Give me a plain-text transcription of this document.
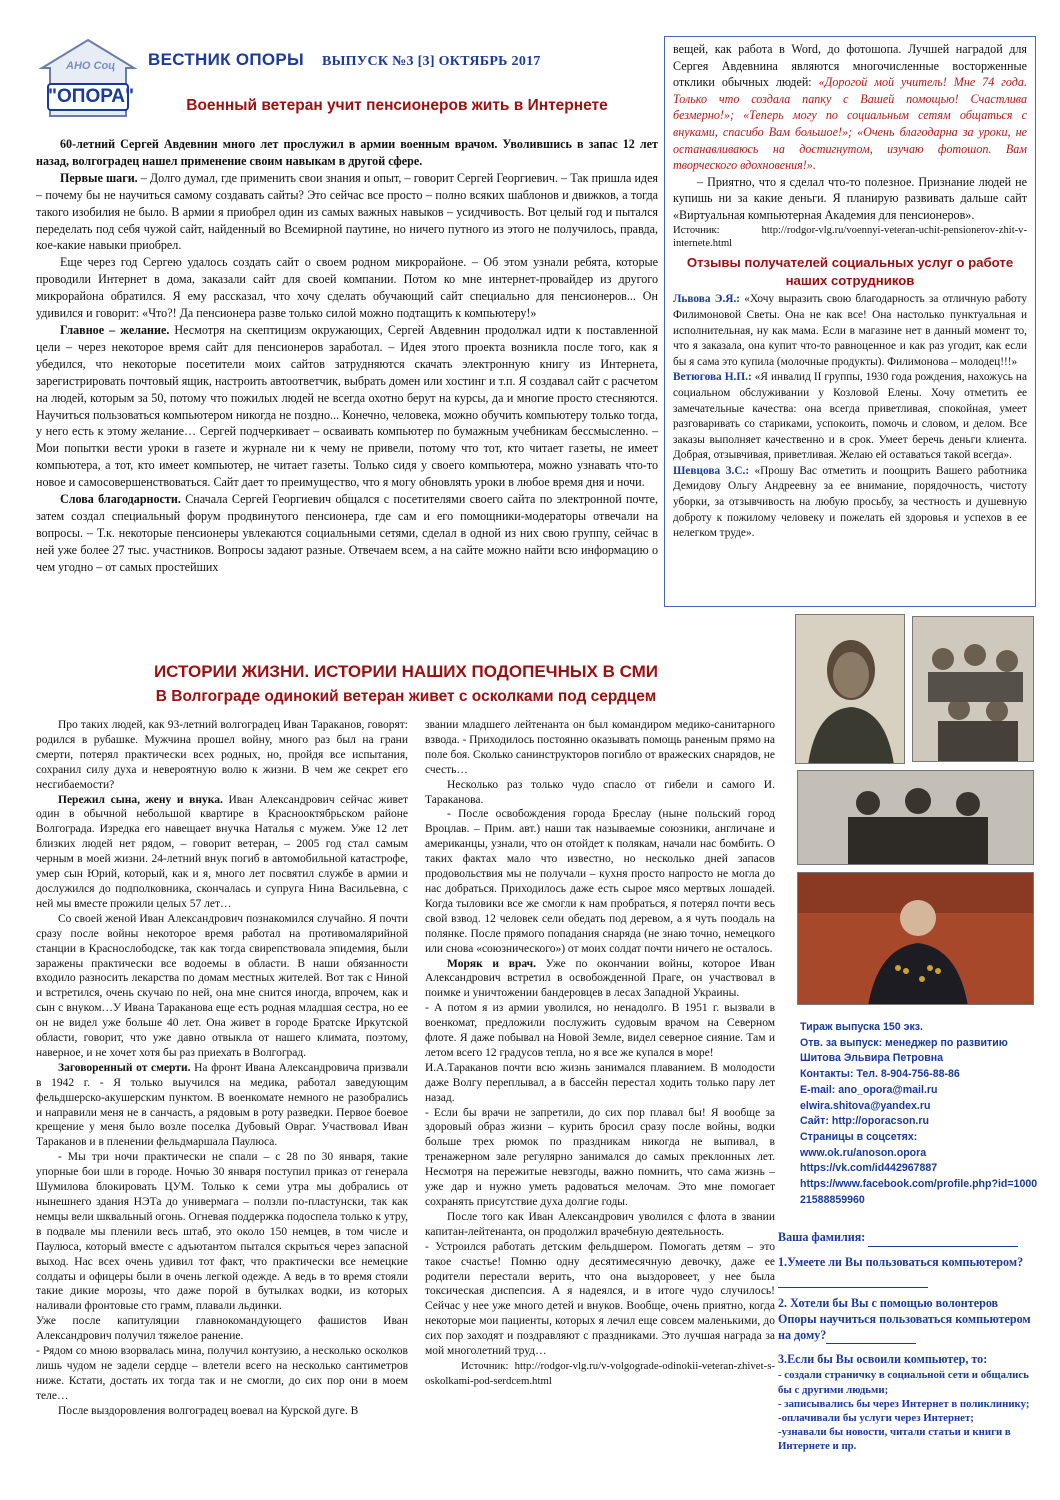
АНО Соц
"ОПОРА"
ВЕСТНИК ОПОРЫ ВЫПУСК №3 [3] ОКТЯБРЬ 2017
Военный ветеран учит пенсионеров жить в Интернете

60-летний Сергей Авдевнин много лет прослужил в армии военным врачом. Уволившись в запас 12 лет назад, волгоградец нашел применение своим навыкам в другой сфере.

Первые шаги. – Долго думал, где применить свои знания и опыт, – говорит Сергей Георгиевич. – Так пришла идея – почему бы не научиться самому создавать сайты? Это сейчас все просто – полно всяких шаблонов и движков, а тогда такого изобилия не было. В армии я приобрел один из самых важных навыков – усидчивость. Вот целый год и пытался переделать под себя чужой сайт, найденный во Всемирной паутине, но ничего путного из этого не получилось, правда, кое-какие навыки приобрел.

Еще через год Сергею удалось создать сайт о своем родном микрорайоне. – Об этом узнали ребята, которые проводили Интернет в дома, заказали сайт для своей компании. Потом ко мне интернет-провайдер из другого микрорайона обратился. Я ему рассказал, что хочу сделать обучающий сайт специально для пенсионеров... Он удивился и говорит: «Что?! Да пенсионера разве только силой можно подтащить к компьютеру!»

Главное – желание. Несмотря на скептицизм окружающих, Сергей Авдевнин продолжал идти к поставленной цели – через некоторое время сайт для пенсионеров заработал. – Идея этого проекта возникла после того, как я убедился, что некоторые посетители моих сайтов затрудняются скачать электронную книгу из Интернета, зарегистрировать почтовый ящик, настроить автоответчик, выбрать домен или хостинг и т.п. Я создавал сайт с расчетом на людей, которым за 50, потому что пожилых людей не всегда охотно берут на курсы, да и многие просто стесняются. Научиться пользоваться компьютером никогда не поздно... Конечно, человека, можно обучить компьютеру только тогда, у него есть к этому желание… Сергей подчеркивает – осваивать компьютер по бумажным учебникам бессмысленно. –Мои попытки вести уроки в газете и журнале ни к чему не привели, потому что тот, кто читает газеты, не имеет компьютера, а тот, кто имеет компьютер, не читает газеты. Только сидя у своего компьютера, можно узнавать что-то новое и самосовершенствоваться. Сайт дает то преимущество, что я могу обновлять уроки в любое время дня и ночи.

Слова благодарности. Сначала Сергей Георгиевич общался с посетителями своего сайта по электронной почте, затем создал специальный форум продвинутого пенсионера, где сам и его помощники-модераторы отвечали на вопросы. – Т.к. некоторые пенсионеры увлекаются социальными сетями, сделал в одной из них свою группу, сейчас в ней уже более 27 тыс. участников. Вопросы задают разные. Отвечаем всем, а на сайте можно найти всю информацию о чем угодно – от самых простейших

вещей, как работа в Word, до фотошопа. Лучшей наградой для Сергея Авдевнина являются многочисленные восторженные отклики обычных людей: «Дорогой мой учитель! Мне 74 года. Только что создала папку с Вашей помощью! Счастлива безмерно!»; «Теперь могу по социальным сетям общаться с внуками, спасибо Вам большое!»; «Очень благодарна за уроки, не останавливаюсь на достигнутом, изучаю фотошоп. Вам творческого вдохновения!».
– Приятно, что я сделал что-то полезное. Признание людей не купишь ни за какие деньги. Я планирую развивать дальше сайт «Виртуальная компьютерная Академия для пенсионеров».
Источник: http://rodgor-vlg.ru/voennyi-veteran-uchit-pensionerov-zhit-v-internete.html
Отзывы получателей социальных услуг о работе наших сотрудников
Львова Э.Я.: «Хочу выразить свою благодарность за отличную работу Филимоновой Светы. Она не как все! Она настолько пунктуальная и исполнительная, ну как мама. Если в магазине нет в данный момент то, что я заказала, она купит что-то равноценное и как раз угодит, как если бы я сама это купила (молочные продукты). Филимонова – молодец!!!»
Ветюгова Н.П.: «Я инвалид II группы, 1930 года рождения, нахожусь на социальном обслуживании у Козловой Елены. Хочу отметить ее замечательные качества: она всегда приветливая, спокойная, умеет разговаривать со стариками, успокоить, помочь и словом, и делом. Все заказы выполняет качественно и в срок. Умеет беречь деньги клиента. Добрая, отзывчивая, приветливая. Желаю ей оставаться такой всегда».
Шевцова З.С.: «Прошу Вас отметить и поощрить Вашего работника Демидову Ольгу Андреевну за ее внимание, порядочность, чистоту уборки, за отзывчивость на любую просьбу, за честность и душевную доброту к пожилому человеку и пожелать ей здоровья и успехов в ее нелегком труде».
ИСТОРИИ ЖИЗНИ. ИСТОРИИ НАШИХ ПОДОПЕЧНЫХ В СМИ
В Волгограде одинокий ветеран живет с осколками под сердцем

Про таких людей, как 93-летний волгоградец Иван Тараканов, говорят: родился в рубашке. Мужчина прошел войну, много раз был на грани смерти, потерял практически всех родных, но, пройдя все испытания, сохранил силу духа и невероятную волю к жизни. В чем же секрет его несгибаемости?

Пережил сына, жену и внука. Иван Александрович сейчас живет один в обычной небольшой квартире в Краснооктябрьском районе Волгограда. Изредка его навещает внучка Наталья с мужем. Уже 12 лет близких людей нет рядом, – говорит ветеран, – 2005 год стал самым черным в моей жизни. 24-летний внук погиб в автомобильной катастрофе, умер сын Юрий, который, как и я, многo лет посвятил службе в армии и дослужился до подполковника, скончалась и супруга Нина Васильевна, с ней мы вместе прожили целых 57 лет…

Со своей женой Иван Александрович познакомился случайно. Я почти сразу после войны некоторое время работал на противомалярийной станции в Краснослободске, так как тогда свирепствовала эпидемия, были заражены практически все водоемы в области. В наши обязанности входило разносить лекарства по домам местных жителей. Вот так с Ниной и встретился, очень скучаю по ней, она мне снится иногда, впрочем, как и сын с внуком…У Ивана Тараканова еще есть родная младшая сестра, но ее он не видел уже больше 40 лет. Она живет в городе Братске Иркутской области, говорит, что уже давно отвыкла от нашего климата, поэтому, наверное, и не хочет хотя бы раз приехать в Волгоград.

Заговоренный от смерти. На фронт Ивана Александровича призвали в 1942 г. - Я только выучился на медика, работал заведующим фельдшерско-акушерским пунктом. В военкомате немного не разобрались и направили меня не в санчасть, а рядовым в роту разведки. Первое боевое крещение у меня было возле поселка Дубовый Овраг. Участвовал Иван Тараканов и в пленении фельдмаршала Паулюса.

- Мы три ночи практически не спали – с 28 по 30 января, такие упорные бои шли в городе. Ночью 30 января поступил приказ от генерала Шумилова блокировать ЦУМ. Только к семи утра мы добрались от нынешнего здания НЭТа до универмага – ползли по-пластунски, так как немцы вели шквальный огонь. Огневая поддержка подоспела только к утру, в подвале мы пленили весь штаб, это около 150 немцев, в том числе и Паулюса, который вместе с адъютантом пытался скрыться через запасной выход. Нас всех очень удивил тот факт, что практически все немецкие солдаты и офицеры были в очень легкой одежде. А ведь в то время стояли такие дикие морозы, что даже порой в бутылках водки, из которых наливали фронтовые сто грамм, плавали льдинки.

Уже после капитуляции главнокомандующего фашистов Иван Александрович получил тяжелое ранение.

- Рядом со мною взорвалась мина, получил контузию, а несколько осколков лишь чудом не задели сердце – влетели всего на несколько сантиметров ниже. Кстати, достать их тогда так и не смогли, до сих пор они в моем теле…

После выздоровления волгоградец воевал на Курской дуге. В

звании младшего лейтенанта он был командиром медико-санитарного взвода. - Приходилось постоянно оказывать помощь раненым прямо на поле боя. Сколько санинструкторов погибло от вражеских снарядов, не счесть…

Несколько раз только чудо спасло от гибели и самого И. Тараканова.

- После освобождения города Бреслау (ныне польский город Вроцлав. – Прим. авт.) наши так называемые союзники, англичане и американцы, узнали, что он отойдет к полякам, начали нас бомбить. О таких фактах мало что известно, но несколько дней запасов продовольствия мы не получали – кухня просто напросто не могла до нас добраться. Приходилось даже есть сырое мясо мертвых лошадей. Когда тыловики все же смогли к нам пробраться, я потерял почти весь свой взвод. 12 человек сели обедать под деревом, а я чуть поодаль на полянке. После прямого попадания снаряда (не знаю точно, немецкого или снова «союзнического») от моих солдат почти ничего не осталось.

Моряк и врач. Уже по окончании войны, которое Иван Александрович встретил в освобожденной Праге, он участвовал в поимке и уничтожении бандеровцев в лесах Западной Украины.

- А потом я из армии уволился, но ненадолго. В 1951 г. вызвали в военкомат, предложили послужить судовым врачом на Северном флоте. Я даже побывал на Новой Земле, видел северное сияние. Там и летом всего 12 градусов тепла, но я все же купался в море!

И.А.Тараканов почти всю жизнь занимался плаванием. В молодости даже Волгу переплывал, а в бассейн перестал ходить только пару лет назад.

- Если бы врачи не запретили, до сих пор плавал бы! Я вообще за здоровый образ жизни – курить бросил сразу после войны, водки больше трех рюмок по праздникам никогда не выпивал, в тренажерном зале регулярно занимался до самых преклонных лет. Несмотря на пережитые невзгоды, важно помнить, что сама жизнь – уже дар и нужно уметь радоваться мелочам. Это мне помогает сохранять присутствие духа долгие годы.

После того как Иван Александрович уволился с флота в звании капитан-лейтенанта, он продолжил врачебную деятельность.

- Устроился работать детским фельдшером. Помогать детям – это такое счастье! Помню одну десятимесячную девочку, даже ее родители перестали верить, что она выздоровеет, у нее была токсическая диспепсия. А я надеялся, и в итоге чудо случилось! Сейчас у нее уже много детей и внуков. Вообще, очень приятно, когда некоторые мои пациенты, которых я лечил еще совсем маленькими, до сих пор заходят и поздравляют с праздниками. Это лучшая награда за мой многолетний труд…

Источник: http://rodgor-vlg.ru/v-volgograde-odinokii-veteran-zhivet-s-oskolkami-pod-serdcem.html

Тираж выпуска 150 экз.
Отв. за выпуск: менеджер по развитию Шитова Эльвира Петровна
Контакты: Тел. 8-904-756-88-86
E-mail: ano_opora@mail.ru
elwira.shitova@yandex.ru
Сайт: http://oporacson.ru
Страницы в соцсетях:
www.ok.ru/anoson.opora
https://vk.com/id442967887
https://www.facebook.com/profile.php?id=100021588859960
Ваша фамилия:
1.Умеете ли Вы пользоваться компьютером?
2. Хотели бы Вы с помощью волонтеров Опоры научиться пользоваться компьютером на дому?
3.Если бы Вы освоили компьютер, то:
- создали страничку в социальной сети и общались бы с другими людьми;
- записывались бы через Интернет в поликлинику;
-оплачивали бы услуги через Интернет;
-узнавали бы новости, читали статьи и книги в Интернете и пр.
